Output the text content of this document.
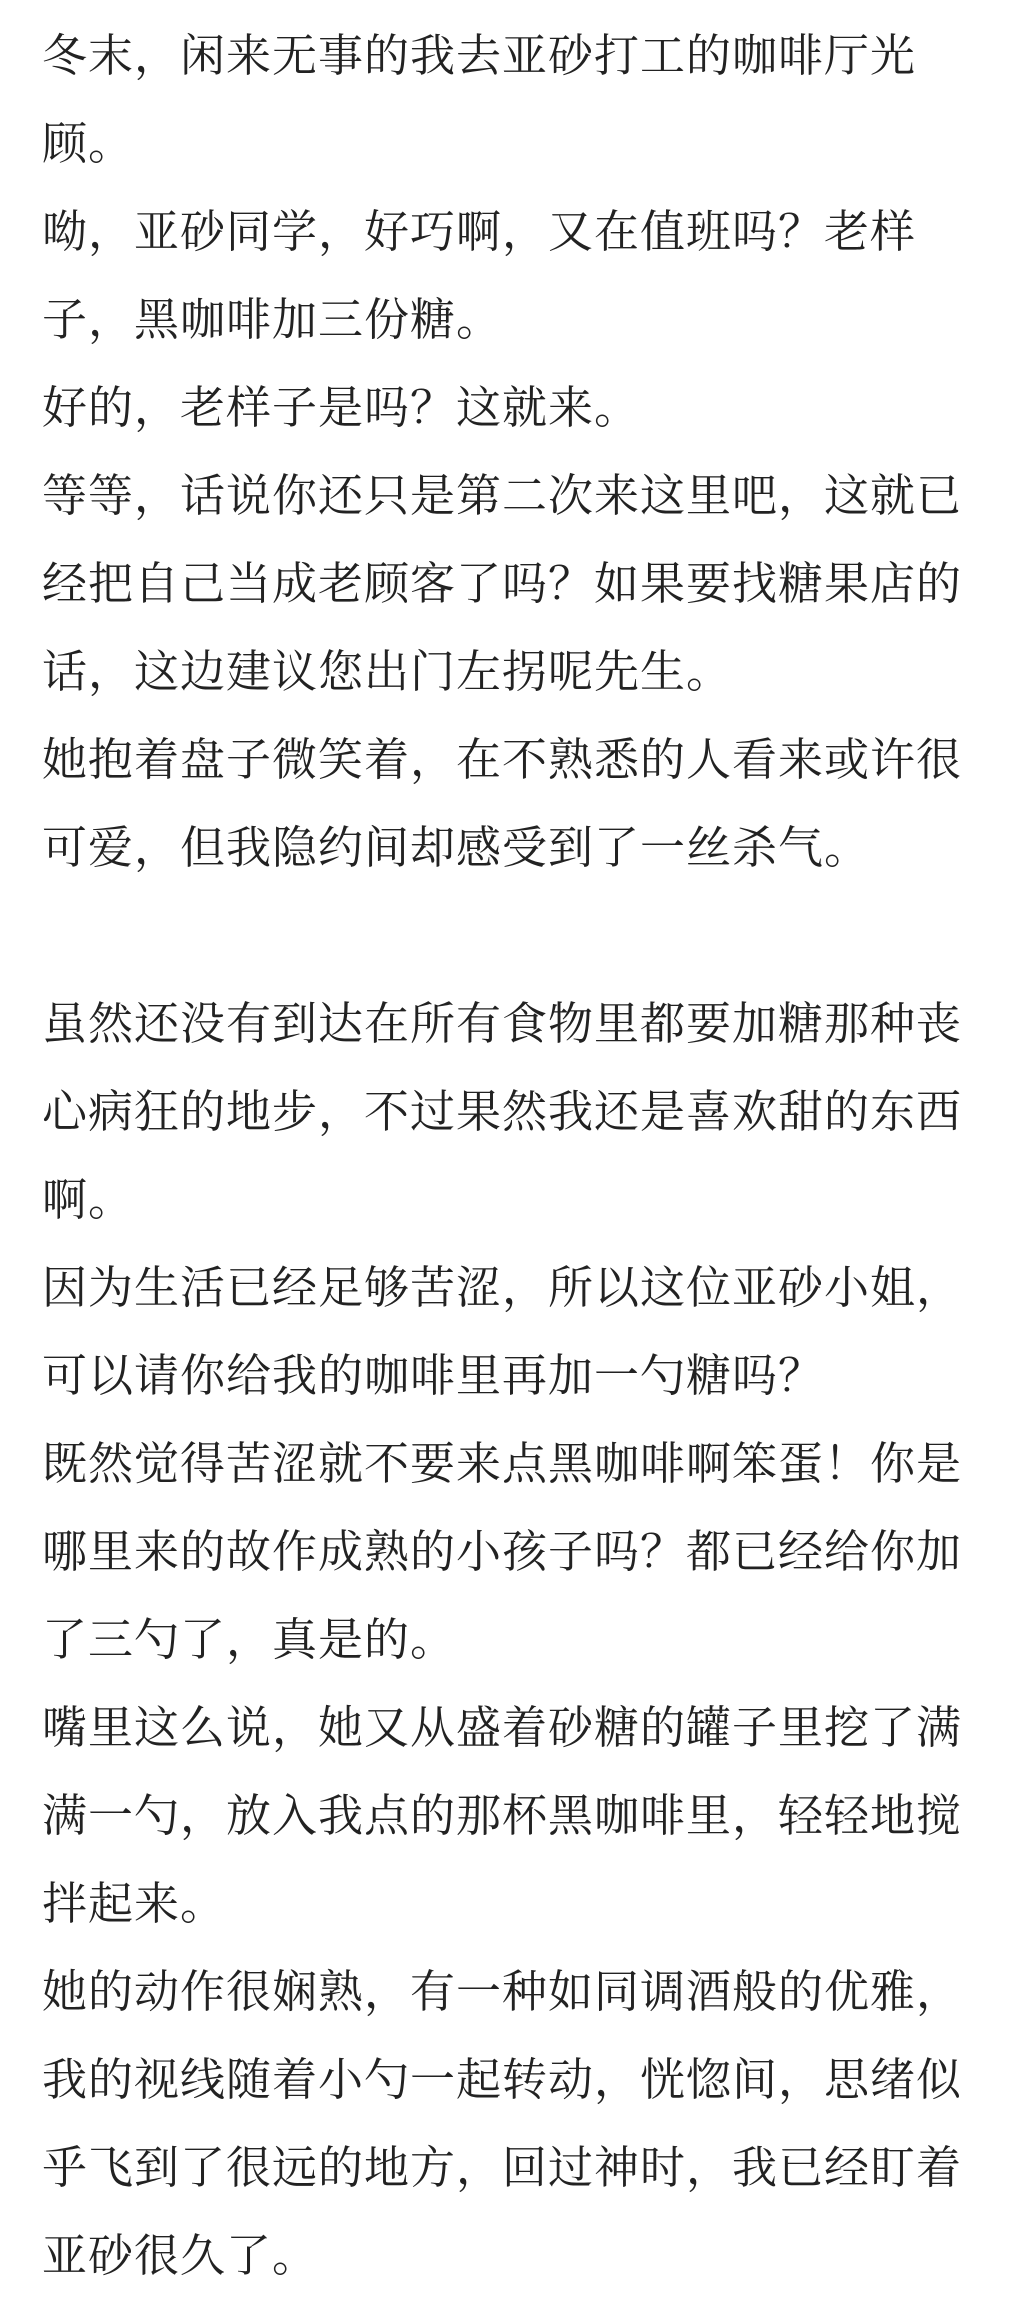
冬末，闲来无事的我去亚砂打工的咖啡厅光
顾。

呦，亚砂同学，好巧啊，又在值班吗？老样
子，黑咖啡加三份糖。

好的，老样子是吗？这就来。

等等，话说你还只是第二次来这里吧，这就已
经把自己当成老顾客了吗？如果要找糖果店的
话，这边建议您出门左拐呢先生。

她抱着盘子微笑着，在不熟悉的人看来或许很
可爱，但我隐约间却感受到了一丝杀气。

虽然还没有到达在所有食物里都要加糖那种丧
心病狂的地步，不过果然我还是喜欢甜的东西
啊。

因为生活已经足够苦涩，所以这位亚砂小姐，
可以请你给我的咖啡里再加一勺糖吗？

既然觉得苦涩就不要来点黑咖啡啊笨蛋！你是
哪里来的故作成熟的小孩子吗？都已经给你加
了三勺了，真是的。

嘴里这么说，她又从盛着砂糖的罐子里挖了满
满一勺，放入我点的那杯黑咖啡里，轻轻地搅
拌起来。

她的动作很娴熟，有一种如同调酒般的优雅，
我的视线随着小勺一起转动，恍惚间，思绪似
乎飞到了很远的地方，回过神时，我已经盯着
亚砂很久了。
